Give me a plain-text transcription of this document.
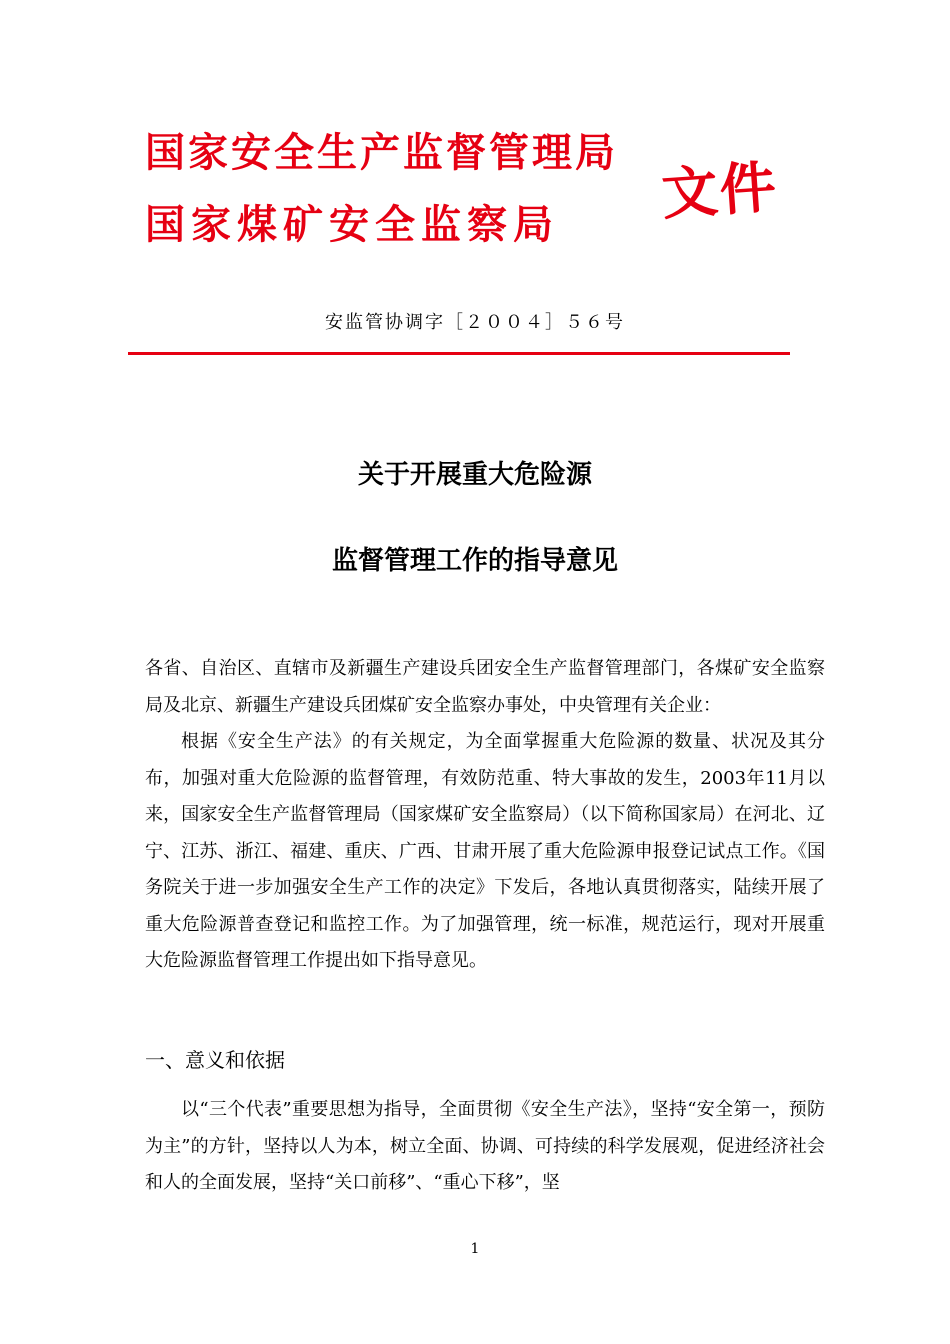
国家安全生产监督管理局
国家煤矿安全监察局 文件
安监管协调字［２００４］５６号
关于开展重大危险源
监督管理工作的指导意见

各省、自治区、直辖市及新疆生产建设兵团安全生产监督管理部门，各煤矿安全监察局及北京、新疆生产建设兵团煤矿安全监察办事处，中央管理有关企业：

根据《安全生产法》的有关规定，为全面掌握重大危险源的数量、状况及其分布，加强对重大危险源的监督管理，有效防范重、特大事故的发生，2003年11月以来，国家安全生产监督管理局（国家煤矿安全监察局）（以下简称国家局）在河北、辽宁、江苏、浙江、福建、重庆、广西、甘肃开展了重大危险源申报登记试点工作。《国务院关于进一步加强安全生产工作的决定》下发后，各地认真贯彻落实，陆续开展了重大危险源普查登记和监控工作。为了加强管理，统一标准，规范运行，现对开展重大危险源监督管理工作提出如下指导意见。

一、意义和依据

以“三个代表”重要思想为指导，全面贯彻《安全生产法》，坚持“安全第一，预防为主”的方针，坚持以人为本，树立全面、协调、可持续的科学发展观，促进经济社会和人的全面发展，坚持“关口前移”、“重心下移”，坚

1
